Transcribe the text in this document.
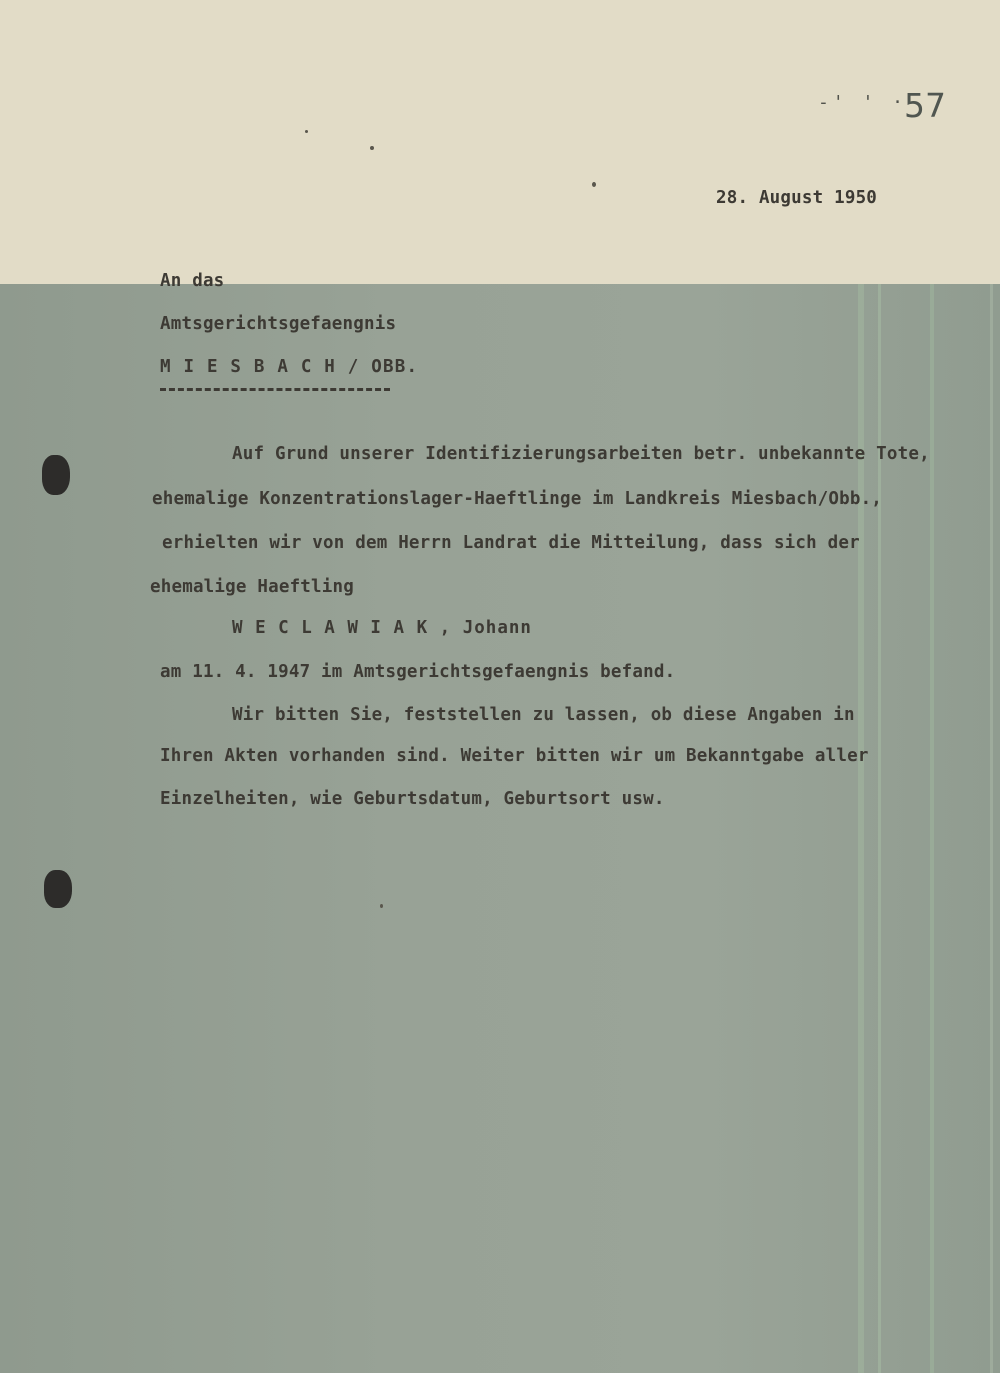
-' ' ·
57
28. August 1950
An das
Amtsgerichtsgefaengnis
M I E S B A C H / OBB.
Auf Grund unserer Identifizierungsarbeiten betr. unbekannte Tote,
ehemalige Konzentrationslager-Haeftlinge im Landkreis Miesbach/Obb.,
erhielten wir von dem Herrn Landrat die Mitteilung, dass sich der
ehemalige Haeftling
W E C L A W I A K , Johann
am 11. 4. 1947 im Amtsgerichtsgefaengnis befand.
Wir bitten Sie, feststellen zu lassen, ob diese Angaben in
Ihren Akten vorhanden sind. Weiter bitten wir um Bekanntgabe aller
Einzelheiten, wie Geburtsdatum, Geburtsort usw.
